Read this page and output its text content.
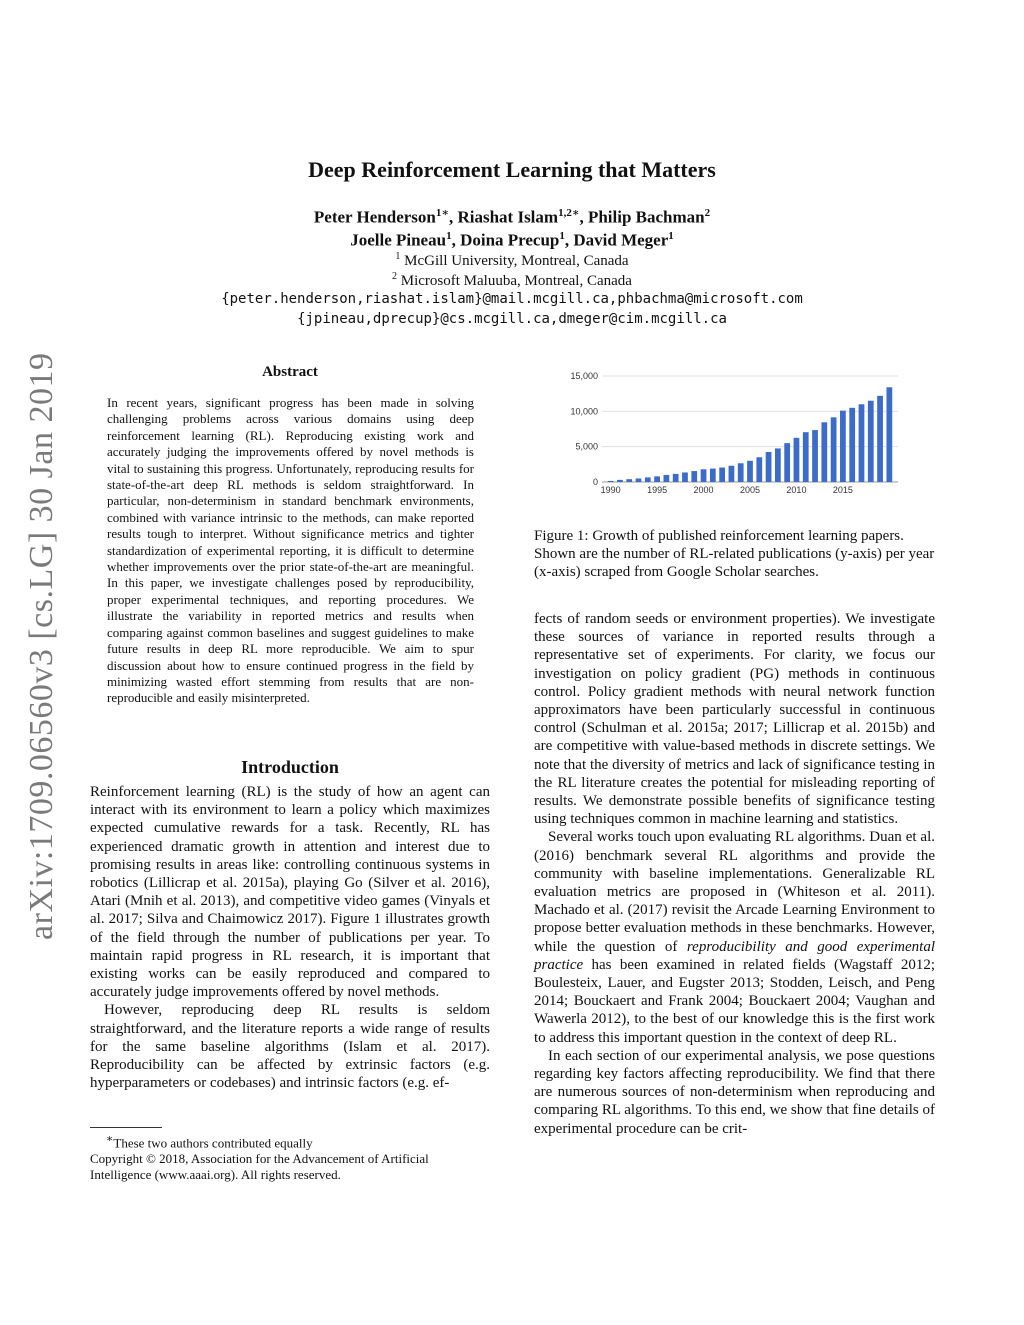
arXiv:1709.06560v3 [cs.LG] 30 Jan 2019
Deep Reinforcement Learning that Matters
Peter Henderson$^{1∗}$, Riashat Islam$^{1,2∗}$, Philip Bachman$^2$
Joelle Pineau$^1$, Doina Precup$^1$, David Meger$^1$
$^1$ McGill University, Montreal, Canada
$^2$ Microsoft Maluuba, Montreal, Canada
{peter.henderson,riashat.islam}@mail.mcgill.ca,phbachma@microsoft.com
{jpineau,dprecup}@cs.mcgill.ca,dmeger@cim.mcgill.ca
Abstract
In recent years, significant progress has been made in solving challenging problems across various domains using deep reinforcement learning (RL). Reproducing existing work and accurately judging the improvements offered by novel methods is vital to sustaining this progress. Unfortunately, reproducing results for state-of-the-art deep RL methods is seldom straightforward. In particular, non-determinism in standard benchmark environments, combined with variance intrinsic to the methods, can make reported results tough to interpret. Without significance metrics and tighter standardization of experimental reporting, it is difficult to determine whether improvements over the prior state-of-the-art are meaningful. In this paper, we investigate challenges posed by reproducibility, proper experimental techniques, and reporting procedures. We illustrate the variability in reported metrics and results when comparing against common baselines and suggest guidelines to make future results in deep RL more reproducible. We aim to spur discussion about how to ensure continued progress in the field by minimizing wasted effort stemming from results that are non-reproducible and easily misinterpreted.
Introduction

Reinforcement learning (RL) is the study of how an agent can interact with its environment to learn a policy which maximizes expected cumulative rewards for a task. Recently, RL has experienced dramatic growth in attention and interest due to promising results in areas like: controlling continuous systems in robotics (Lillicrap et al. 2015a), playing Go (Silver et al. 2016), Atari (Mnih et al. 2013), and competitive video games (Vinyals et al. 2017; Silva and Chaimowicz 2017). Figure 1 illustrates growth of the field through the number of publications per year. To maintain rapid progress in RL research, it is important that existing works can be easily reproduced and compared to accurately judge improvements offered by novel methods.

However, reproducing deep RL results is seldom straightforward, and the literature reports a wide range of results for the same baseline algorithms (Islam et al. 2017). Reproducibility can be affected by extrinsic factors (e.g. hyperparameters or codebases) and intrinsic factors (e.g. ef-

∗These two authors contributed equally
Copyright © 2018, Association for the Advancement of Artificial Intelligence (www.aaai.org). All rights reserved.
0
5,000
10,000
15,000
1990	1995	2000	2005	2010	2015
Figure 1: Growth of published reinforcement learning papers. Shown are the number of RL-related publications (y-axis) per year (x-axis) scraped from Google Scholar searches.

fects of random seeds or environment properties). We investigate these sources of variance in reported results through a representative set of experiments. For clarity, we focus our investigation on policy gradient (PG) methods in continuous control. Policy gradient methods with neural network function approximators have been particularly successful in continuous control (Schulman et al. 2015a; 2017; Lillicrap et al. 2015b) and are competitive with value-based methods in discrete settings. We note that the diversity of metrics and lack of significance testing in the RL literature creates the potential for misleading reporting of results. We demonstrate possible benefits of significance testing using techniques common in machine learning and statistics.

Several works touch upon evaluating RL algorithms. Duan et al. (2016) benchmark several RL algorithms and provide the community with baseline implementations. Generalizable RL evaluation metrics are proposed in (Whiteson et al. 2011). Machado et al. (2017) revisit the Arcade Learning Environment to propose better evaluation methods in these benchmarks. However, while the question of reproducibility and good experimental practice has been examined in related fields (Wagstaff 2012; Boulesteix, Lauer, and Eugster 2013; Stodden, Leisch, and Peng 2014; Bouckaert and Frank 2004; Bouckaert 2004; Vaughan and Wawerla 2012), to the best of our knowledge this is the first work to address this important question in the context of deep RL.

In each section of our experimental analysis, we pose questions regarding key factors affecting reproducibility. We find that there are numerous sources of non-determinism when reproducing and comparing RL algorithms. To this end, we show that fine details of experimental procedure can be crit-
